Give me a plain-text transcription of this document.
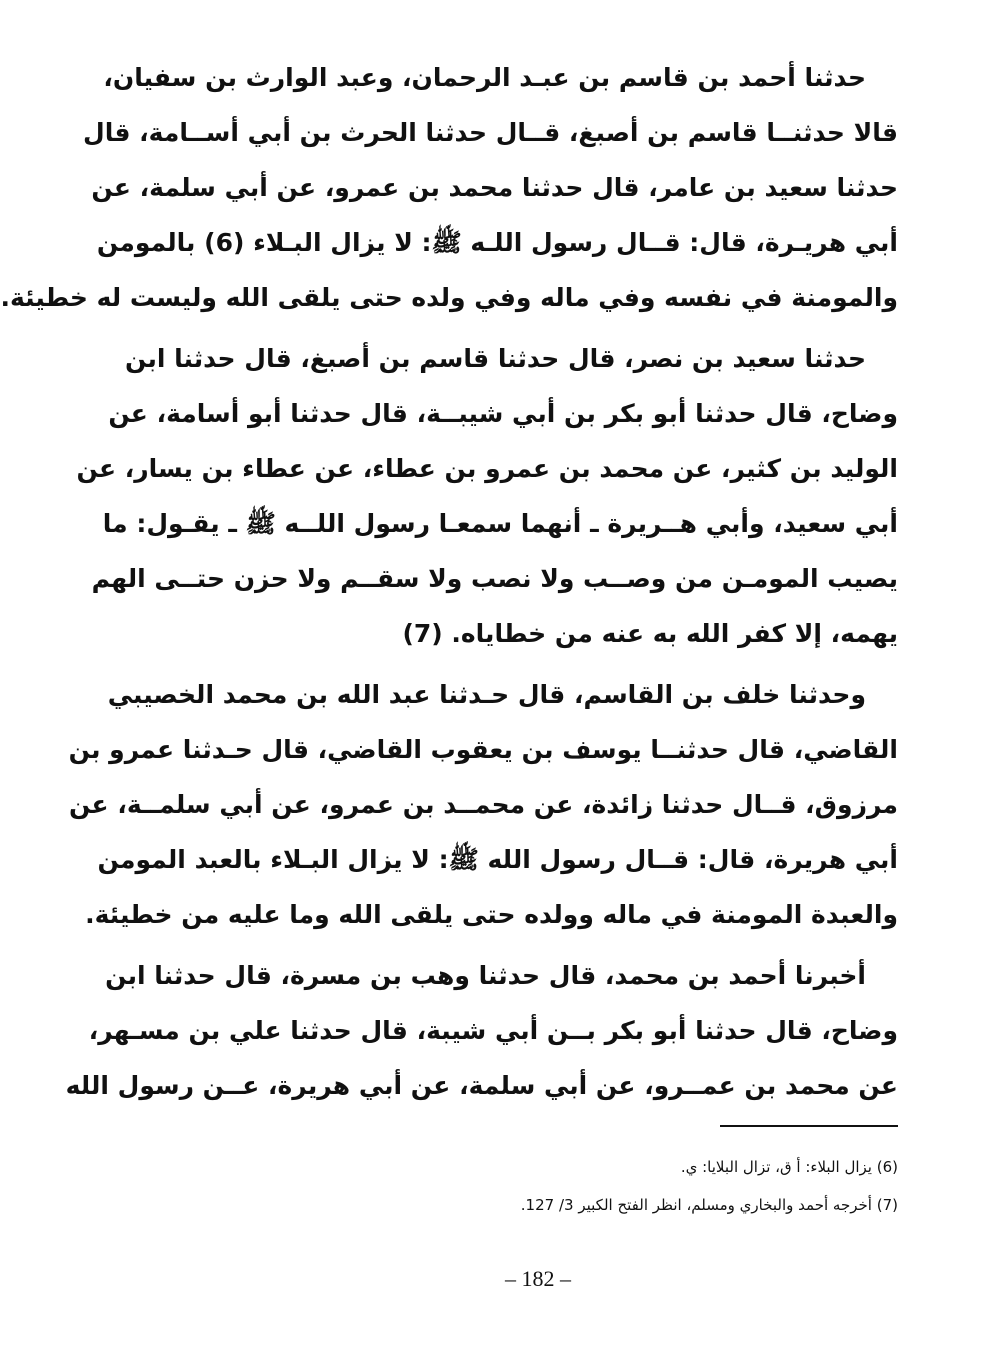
حدثنا أحمد بن قاسم بن عبـد الرحمان، وعبد الوارث بن سفيان،
قالا حدثنــا قاسم بن أصبغ، قــال حدثنا الحرث بن أبي أســامة، قال
حدثنا سعيد بن عامر، قال حدثنا محمد بن عمرو، عن أبي سلمة، عن
أبي هريـرة، قال: قــال رسول اللـه ﷺ: لا يزال البـلاء (6) بالمومن
والمومنة في نفسه وفي ماله وفي ولده حتى يلقى الله وليست له خطيئة.
حدثنا سعيد بن نصر، قال حدثنا قاسم بن أصبغ، قال حدثنا ابن
وضاح، قال حدثنا أبو بكر بن أبي شيبــة، قال حدثنا أبو أسامة، عن
الوليد بن كثير، عن محمد بن عمرو بن عطاء، عن عطاء بن يسار، عن
أبي سعيد، وأبي هــريرة ـ أنهما سمعـا رسول اللــه ﷺ ـ يقـول: ما
يصيب المومـن من وصــب ولا نصب ولا سقــم ولا حزن حتــى الهم
يهمه، إلا كفر الله به عنه من خطاياه. (7)
وحدثنا خلف بن القاسم، قال حـدثنا عبد الله بن محمد الخصيبي
القاضي، قال حدثنــا يوسف بن يعقوب القاضي، قال حـدثنا عمرو بن
مرزوق، قــال حدثنا زائدة، عن محمــد بن عمرو، عن أبي سلمــة، عن
أبي هريرة، قال: قــال رسول الله ﷺ: لا يزال البـلاء بالعبد المومن
والعبدة المومنة في ماله وولده حتى يلقى الله وما عليه من خطيئة.
أخبرنا أحمد بن محمد، قال حدثنا وهب بن مسرة، قال حدثنا ابن
وضاح، قال حدثنا أبو بكر بــن أبي شيبة، قال حدثنا علي بن مسـهر،
عن محمد بن عمــرو، عن أبي سلمة، عن أبي هريرة، عــن رسول الله
(6) يزال البلاء: أ ق، تزال البلايا: ي.
(7) أخرجه أحمد والبخاري ومسلم، انظر الفتح الكبير 3/ 127.
– 182 –
